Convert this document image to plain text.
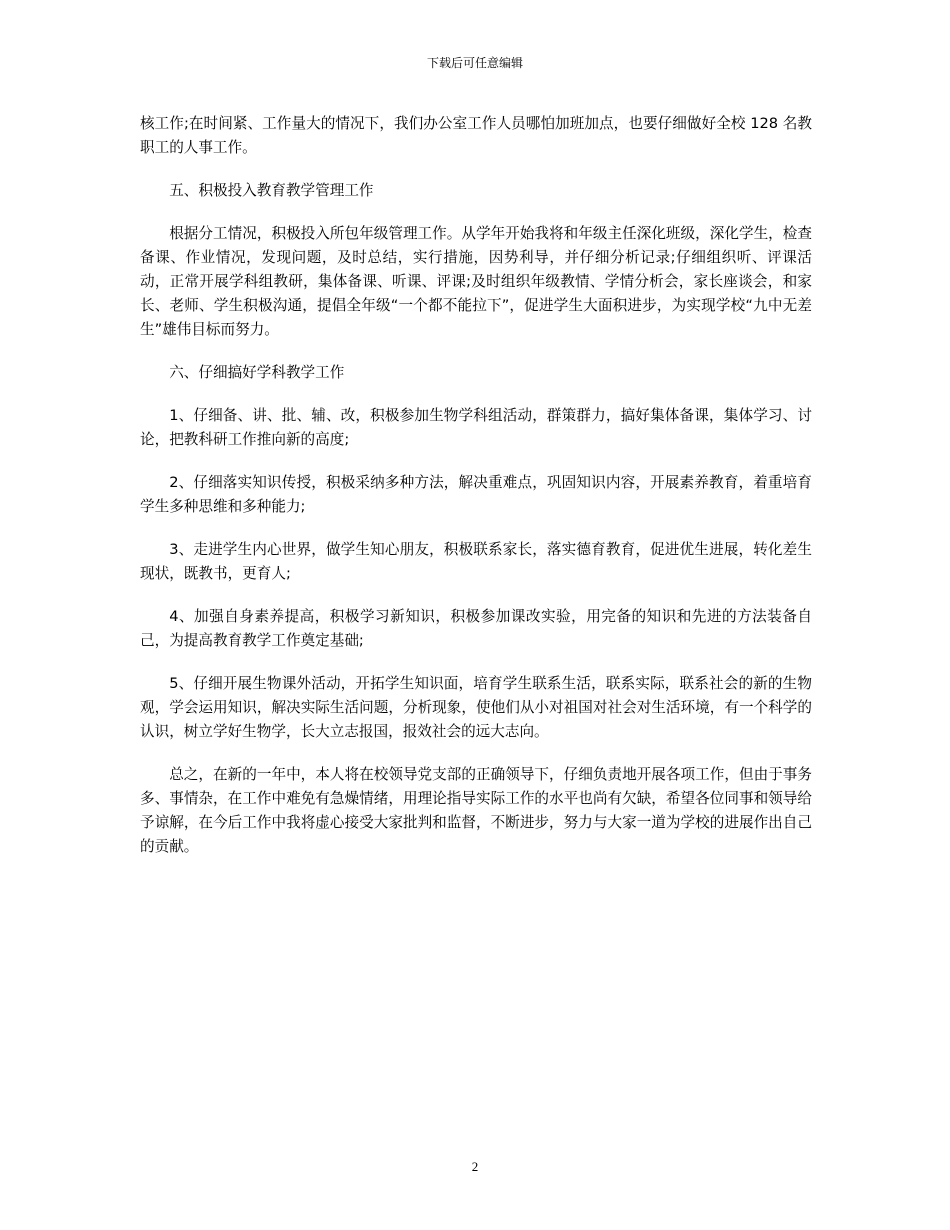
下载后可任意编辑

核工作;在时间紧、工作量大的情况下，我们办公室工作人员哪怕加班加点，也要仔细做好全校 128 名教职工的人事工作。

五、积极投入教育教学管理工作

根据分工情况，积极投入所包年级管理工作。从学年开始我将和年级主任深化班级，深化学生，检查备课、作业情况，发现问题，及时总结，实行措施，因势利导，并仔细分析记录;仔细组织听、评课活动，正常开展学科组教研，集体备课、听课、评课;及时组织年级教情、学情分析会，家长座谈会，和家长、老师、学生积极沟通，提倡全年级“一个都不能拉下”，促进学生大面积进步，为实现学校“九中无差生”雄伟目标而努力。

六、仔细搞好学科教学工作

1、仔细备、讲、批、辅、改，积极参加生物学科组活动，群策群力，搞好集体备课，集体学习、讨论，把教科研工作推向新的高度;

2、仔细落实知识传授，积极采纳多种方法，解决重难点，巩固知识内容，开展素养教育，着重培育学生多种思维和多种能力;

3、走进学生内心世界，做学生知心朋友，积极联系家长，落实德育教育，促进优生进展，转化差生现状，既教书，更育人;

4、加强自身素养提高，积极学习新知识，积极参加课改实验，用完备的知识和先进的方法装备自己，为提高教育教学工作奠定基础;

5、仔细开展生物课外活动，开拓学生知识面，培育学生联系生活，联系实际，联系社会的新的生物观，学会运用知识，解决实际生活问题，分析现象，使他们从小对祖国对社会对生活环境，有一个科学的认识，树立学好生物学，长大立志报国，报效社会的远大志向。

总之，在新的一年中，本人将在校领导党支部的正确领导下，仔细负责地开展各项工作，但由于事务多、事情杂，在工作中难免有急燥情绪，用理论指导实际工作的水平也尚有欠缺，希望各位同事和领导给予谅解，在今后工作中我将虚心接受大家批判和监督，不断进步，努力与大家一道为学校的进展作出自己的贡献。

2
